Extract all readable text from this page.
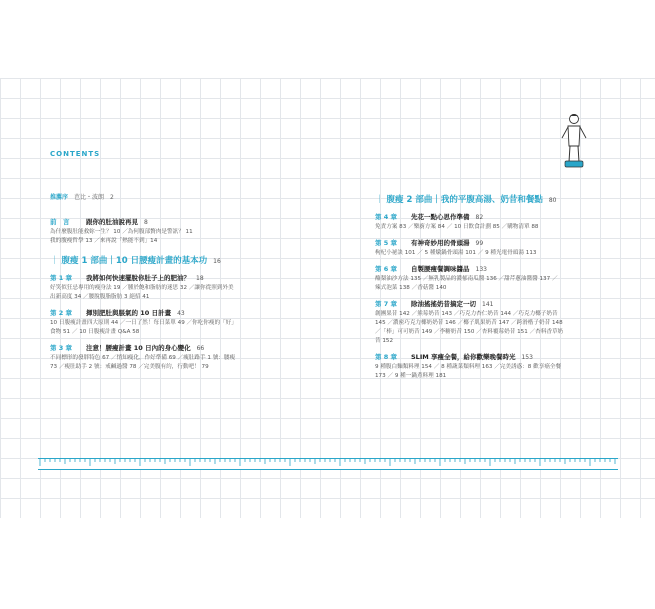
CONTENTS
推薦序 芭比・波朗 2
前　言	跟你的肚油說再見 8
為什麼腹肚能救妳一生？ 10 ／為何腹部贅肉是警訊？ 11
我的腹瘦哲學 13 ／來再說「熱能不到」14
｜ 腹瘦 1 部曲｜10 日腰瘦計畫的基本功 16
第 1 章	我將如何快速擺脫你肚子上的肥油？ 18
好笑似狂忌專用的瘦身法 19 ／腫於飽和脂肪的迷思 32 ／讓你從照到外美
出新高度 34 ／腰脫腹脂脂肪 3 絕招 41
第 2 章	揮別肥肚與脹氣的 10 日計畫 43
10 日腹瘦計畫四大原則 44 ／一日了然！每日菜單 49 ／你吃你瘦的「好」
食物 51 ／ 10 日腹瘦計畫 Q&A 58
第 3 章	注意！腰瘦計畫 10 日內的身心變化 66
不同標形的發胖特色 67 ／悄知瘦化，作好準備 69 ／瘦肚路手 1 號：腰瘦
73 ／瘦肚助手 2 號：戒鹹過醬 78 ／完美腹有約，行動吧！ 79
｜ 腹瘦 2 部曲｜我的平腹高湯、奶昔和餐點 80
第 4 章	先花一點心思作準備 82
免責方案 83 ／樂廚方案 84 ／ 10 日飲食計劃 85 ／購物清單 88
第 5 章	有神奇妙用的骨頭湯 99
枸杞小祕訣 101 ／ 5 種燉鍋骨頭湯 101 ／ 9 種光電骨頭湯 113
第 6 章	自製腰瘦餐調味醬品 133
酪梨油沙方法 135 ／無乳製品的濃郁南瓜醬 136 ／甜芹蔥油醬醬 137 ／
辣式泡菜 138 ／香菇醬 140
第 7 章	除油搖搖奶昔搞定一切 141
創團果昔 142 ／熊莓奶昔 143 ／巧克力杏仁奶昔 144 ／巧克力椰子奶昔
145 ／濃密巧克力椰奶奶昔 146 ／椰子肌果奶昔 147 ／跨滑楷子奶昔 148
／「棒」可可奶昔 149 ／李糖奶昔 150 ／杏料覆莓奶昔 151 ／杏料香草奶
昔 152
第 8 章	SLIM 享瘦全餐，給你歡樂晚餐時光 153
9 種腹白麵類料理 154 ／ 8 種蔬菜類料理 163 ／完美誘惑：8 歡享癌全餐
173 ／ 9 種一鍋煮料理 181
